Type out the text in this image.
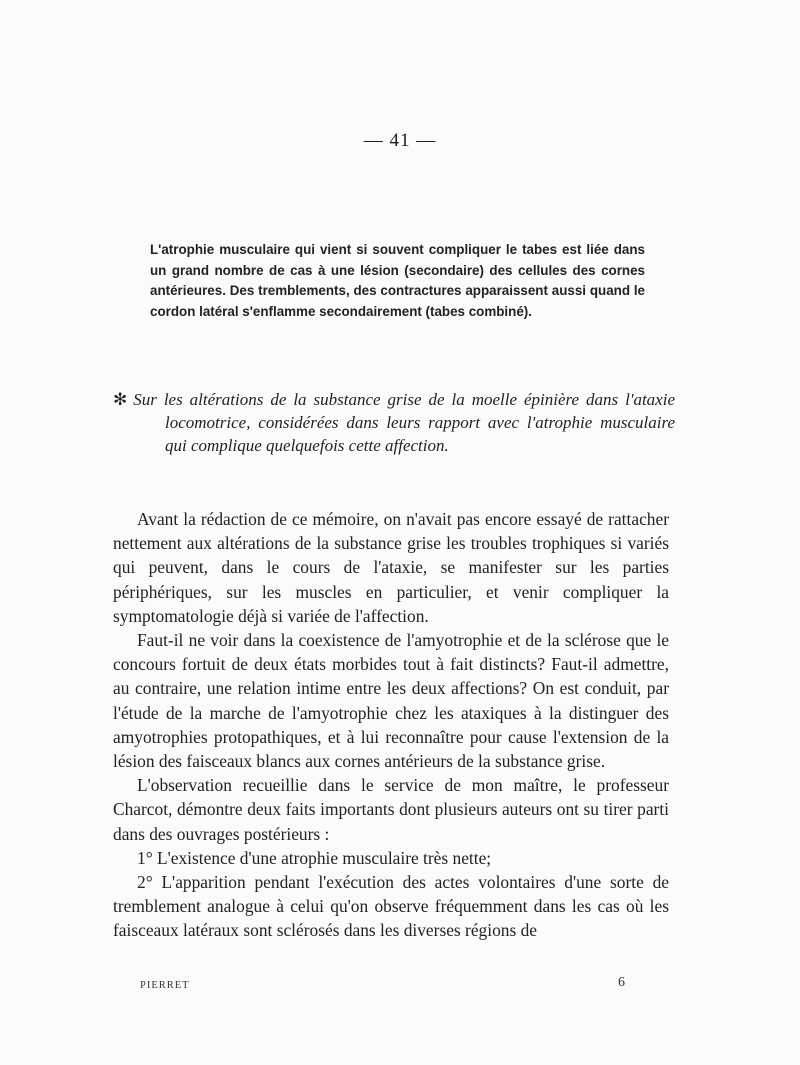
— 41 —

L'atrophie musculaire qui vient si souvent compliquer le tabes est liée dans un grand nombre de cas à une lésion (secondaire) des cellules des cornes antérieures. Des tremblements, des contractures apparaissent aussi quand le cordon latéral s'enflamme secondairement (tabes combiné).

✻ Sur les altérations de la substance grise de la moelle épinière dans l'ataxie locomotrice, considérées dans leurs rapport avec l'atrophie musculaire qui complique quelquefois cette affection.

Avant la rédaction de ce mémoire, on n'avait pas encore essayé de rattacher nettement aux altérations de la substance grise les troubles trophiques si variés qui peuvent, dans le cours de l'ataxie, se manifester sur les parties périphériques, sur les muscles en particulier, et venir compliquer la symptomatologie déjà si variée de l'affection.

Faut-il ne voir dans la coexistence de l'amyotrophie et de la sclérose que le concours fortuit de deux états morbides tout à fait distincts? Faut-il admettre, au contraire, une relation intime entre les deux affections? On est conduit, par l'étude de la marche de l'amyotrophie chez les ataxiques à la distinguer des amyotrophies protopathiques, et à lui reconnaître pour cause l'extension de la lésion des faisceaux blancs aux cornes antérieurs de la substance grise.

L'observation recueillie dans le service de mon maître, le professeur Charcot, démontre deux faits importants dont plusieurs auteurs ont su tirer parti dans des ouvrages postérieurs :

1° L'existence d'une atrophie musculaire très nette;

2° L'apparition pendant l'exécution des actes volontaires d'une sorte de tremblement analogue à celui qu'on observe fréquemment dans les cas où les faisceaux latéraux sont sclérosés dans les diverses régions de

PIERRET	6
